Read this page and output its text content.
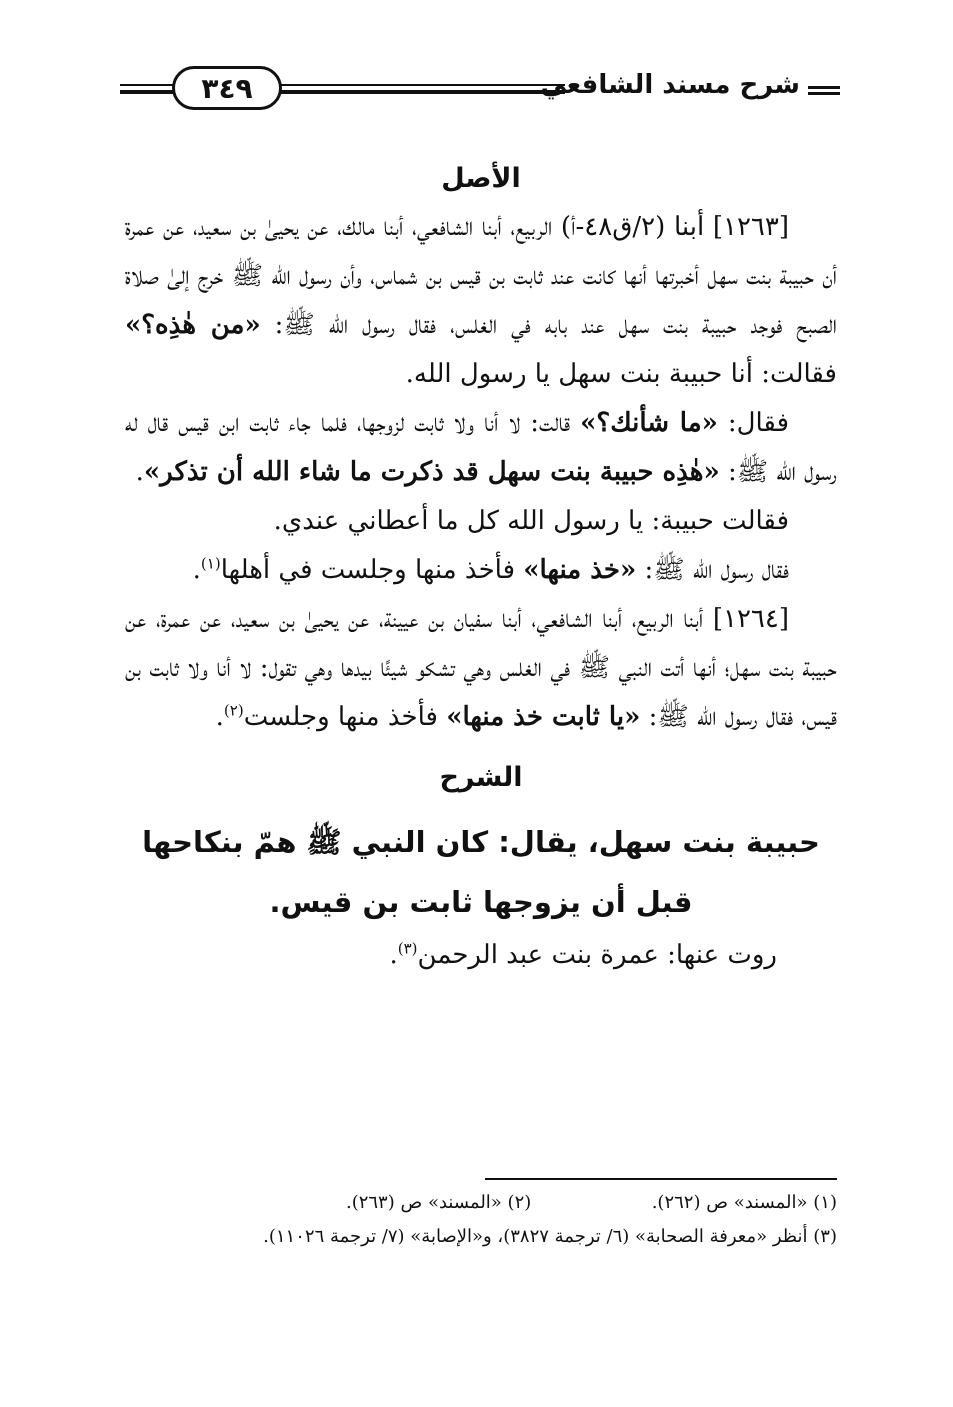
شرح مسند الشافعي
٣٤٩
الأصل

[١٢٦٣] أبنا (٢/ق٤٨-أ) الربيع، أبنا الشافعي، أبنا مالك، عن يحيىٰ بن سعيد، عن عمرة أن حبيبة بنت سهل أخبرتها أنها كانت عند ثابت بن قيس بن شماس، وأن رسول الله ﷺ خرج إلىٰ صلاة الصبح فوجد حبيبة بنت سهل عند بابه في الغلس، فقال رسول الله ﷺ: «من هٰذِه؟» فقالت: أنا حبيبة بنت سهل يا رسول الله.

فقال: «ما شأنك؟» قالت: لا أنا ولا ثابت لزوجها، فلما جاء ثابت ابن قيس قال له رسول الله ﷺ: «هٰذِه حبيبة بنت سهل قد ذكرت ما شاء الله أن تذكر».

فقالت حبيبة: يا رسول الله كل ما أعطاني عندي.

فقال رسول الله ﷺ: «خذ منها» فأخذ منها وجلست في أهلها$^{(١)}$.

[١٢٦٤] أبنا الربيع، أبنا الشافعي، أبنا سفيان بن عيينة، عن يحيىٰ بن سعيد، عن عمرة، عن حبيبة بنت سهل؛ أنها أتت النبي ﷺ في الغلس وهي تشكو شيئًا بيدها وهي تقول: لا أنا ولا ثابت بن قيس، فقال رسول الله ﷺ: «يا ثابت خذ منها» فأخذ منها وجلست$^{(٢)}$.

الشرح

حبيبة بنت سهل، يقال: كان النبي ﷺ همّ بنكاحها قبل أن يزوجها ثابت بن قيس.

روت عنها: عمرة بنت عبد الرحمن$^{(٣)}$.

(١) «المسند» ص (٢٦٢). (٢) «المسند» ص (٢٦٣).
(٣) أنظر «معرفة الصحابة» (٦/ ترجمة ٣٨٢٧)، و«الإصابة» (٧/ ترجمة ١١٠٢٦).
